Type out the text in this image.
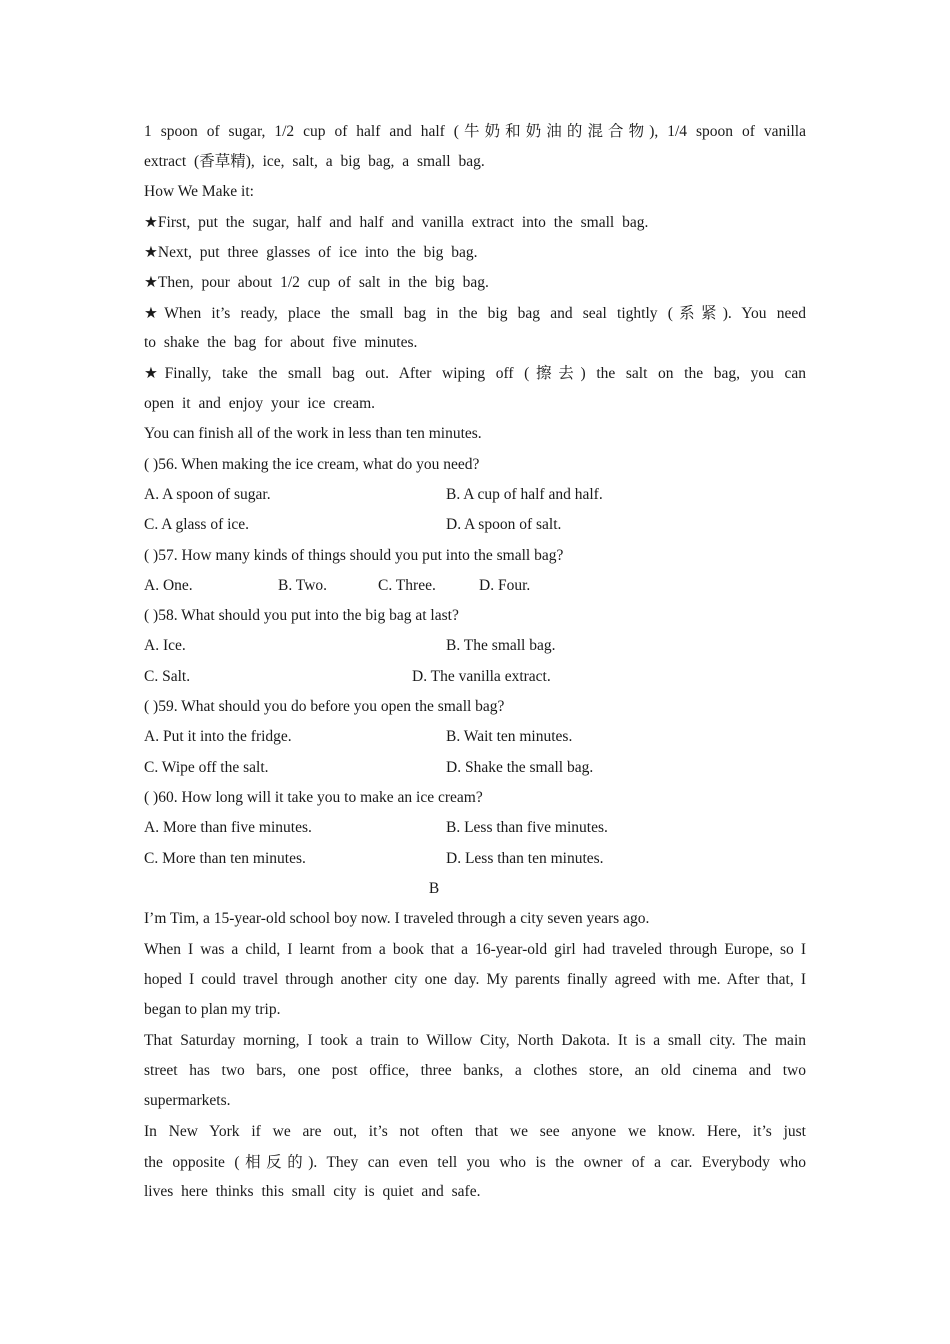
1 spoon of sugar, 1/2 cup of half and half (牛奶和奶油的混合物), 1/4 spoon of vanilla
extract (香草精), ice, salt, a big bag, a small bag.
How We Make it:
★First, put the sugar, half and half and vanilla extract into the small bag.
★Next, put three glasses of ice into the big bag.
★Then, pour about 1/2 cup of salt in the big bag.
★When it’s ready, place the small bag in the big bag and seal tightly (系紧). You need
to shake the bag for about five minutes.
★Finally, take the small bag out. After wiping off (擦去) the salt on the bag, you can
open it and enjoy your ice cream.
You can finish all of the work in less than ten minutes.
( )56. When making the ice cream, what do you need?
A. A spoon of sugar.	B. A cup of half and half.
C. A glass of ice.	D. A spoon of salt.
( )57. How many kinds of things should you put into the small bag?
A. One.	B. Two.	C. Three.	D. Four.
( )58. What should you put into the big bag at last?
A. Ice.	B. The small bag.
C. Salt.	D. The vanilla extract.
( )59. What should you do before you open the small bag?
A. Put it into the fridge.	B. Wait ten minutes.
C. Wipe off the salt.	D. Shake the small bag.
( )60. How long will it take you to make an ice cream?
A. More than five minutes.	B. Less than five minutes.
C. More than ten minutes.	D. Less than ten minutes.
B
I’m Tim, a 15-year-old school boy now. I traveled through a city seven years ago.
When I was a child, I learnt from a book that a 16-year-old girl had traveled through Europe, so I
hoped I could travel through another city one day. My parents finally agreed with me. After that, I
began to plan my trip.
That Saturday morning, I took a train to Willow City, North Dakota. It is a small city. The main
street has two bars, one post office, three banks, a clothes store, an old cinema and two
supermarkets.
In New York if we are out, it’s not often that we see anyone we know. Here, it’s just
the opposite (相反的). They can even tell you who is the owner of a car. Everybody who
lives here thinks this small city is quiet and safe.
